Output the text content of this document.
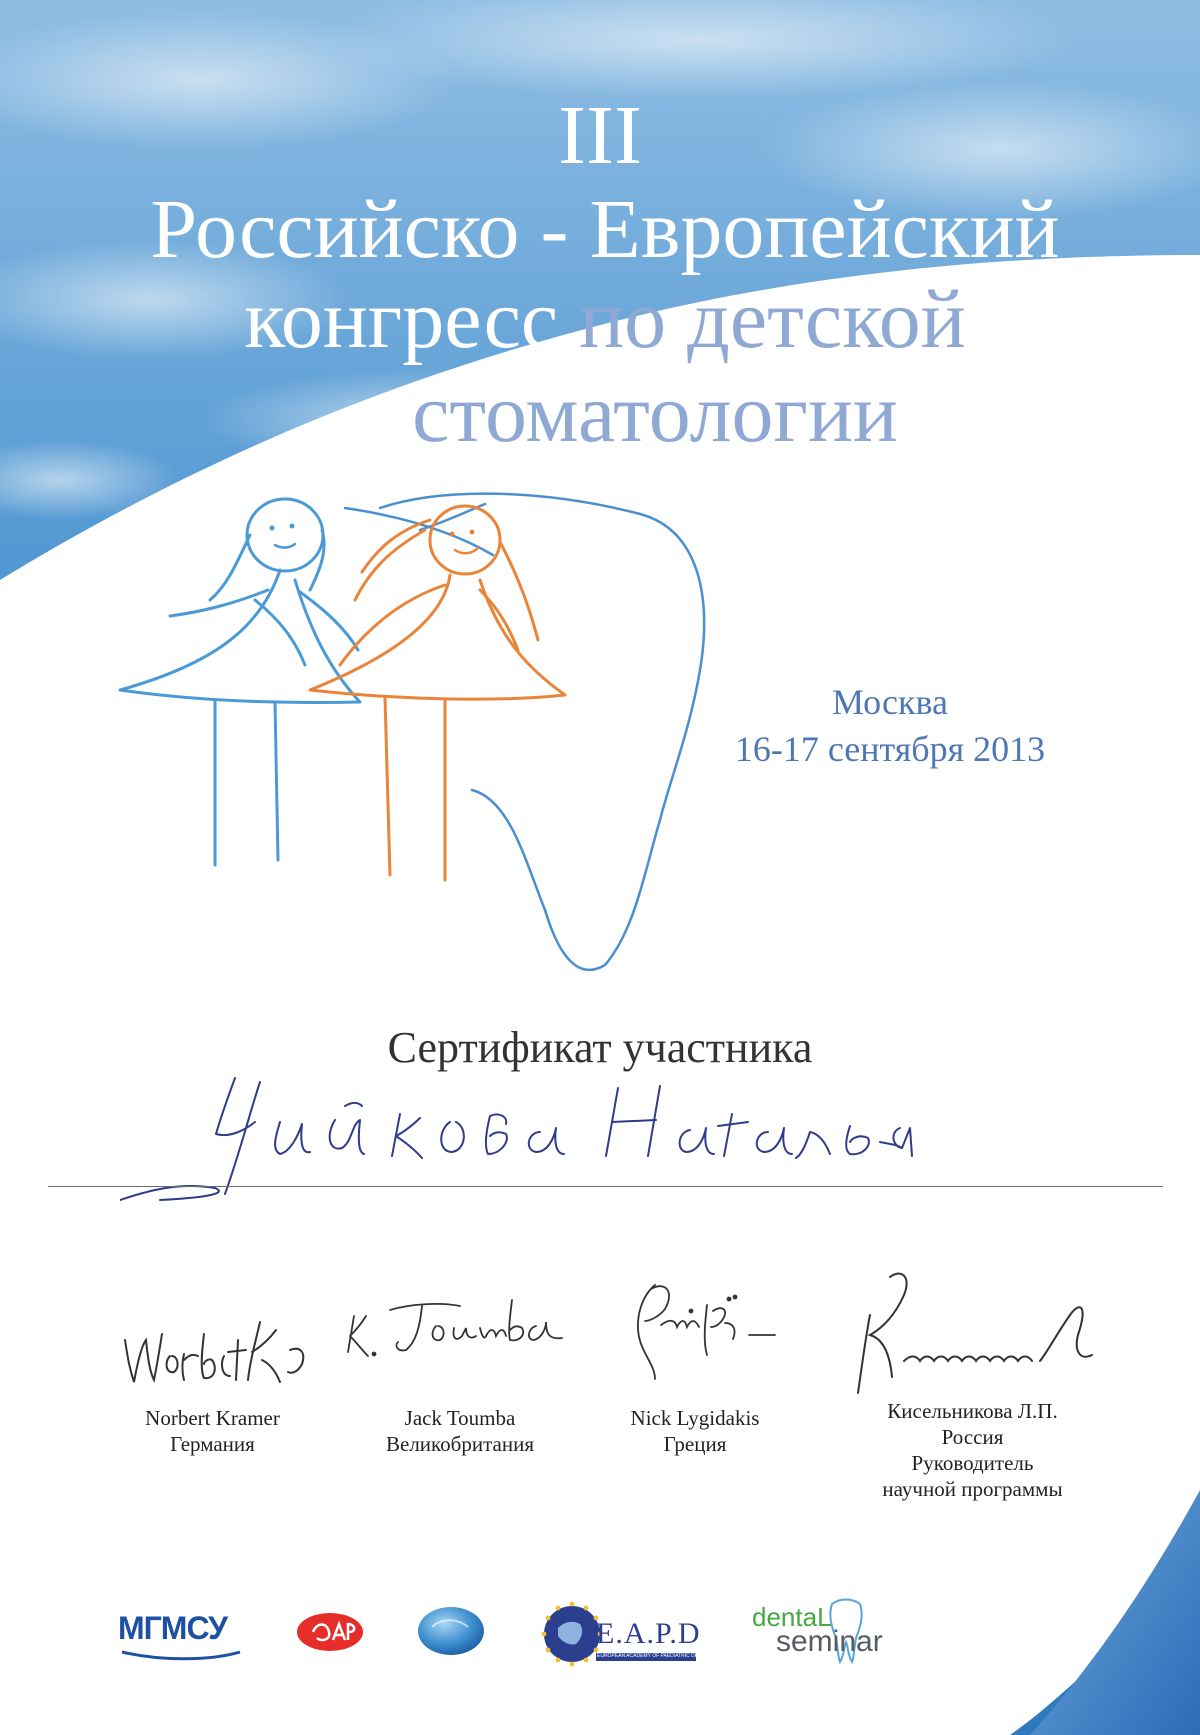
III
Российско - Европейский
конгресс по детской
стоматологии
Москва
16-17 сентября 2013
Сертификат участника
Norbert Kramer
Германия
Jack Toumba
Великобритания
Nick Lygidakis
Греция
Кисельникова Л.П.
Россия
Руководитель
научной программы
МГМСУ	E.A.P.D
EUROPEAN ACADEMY OF PAEDIATRIC DENTISTRY
dentaL
seminar
